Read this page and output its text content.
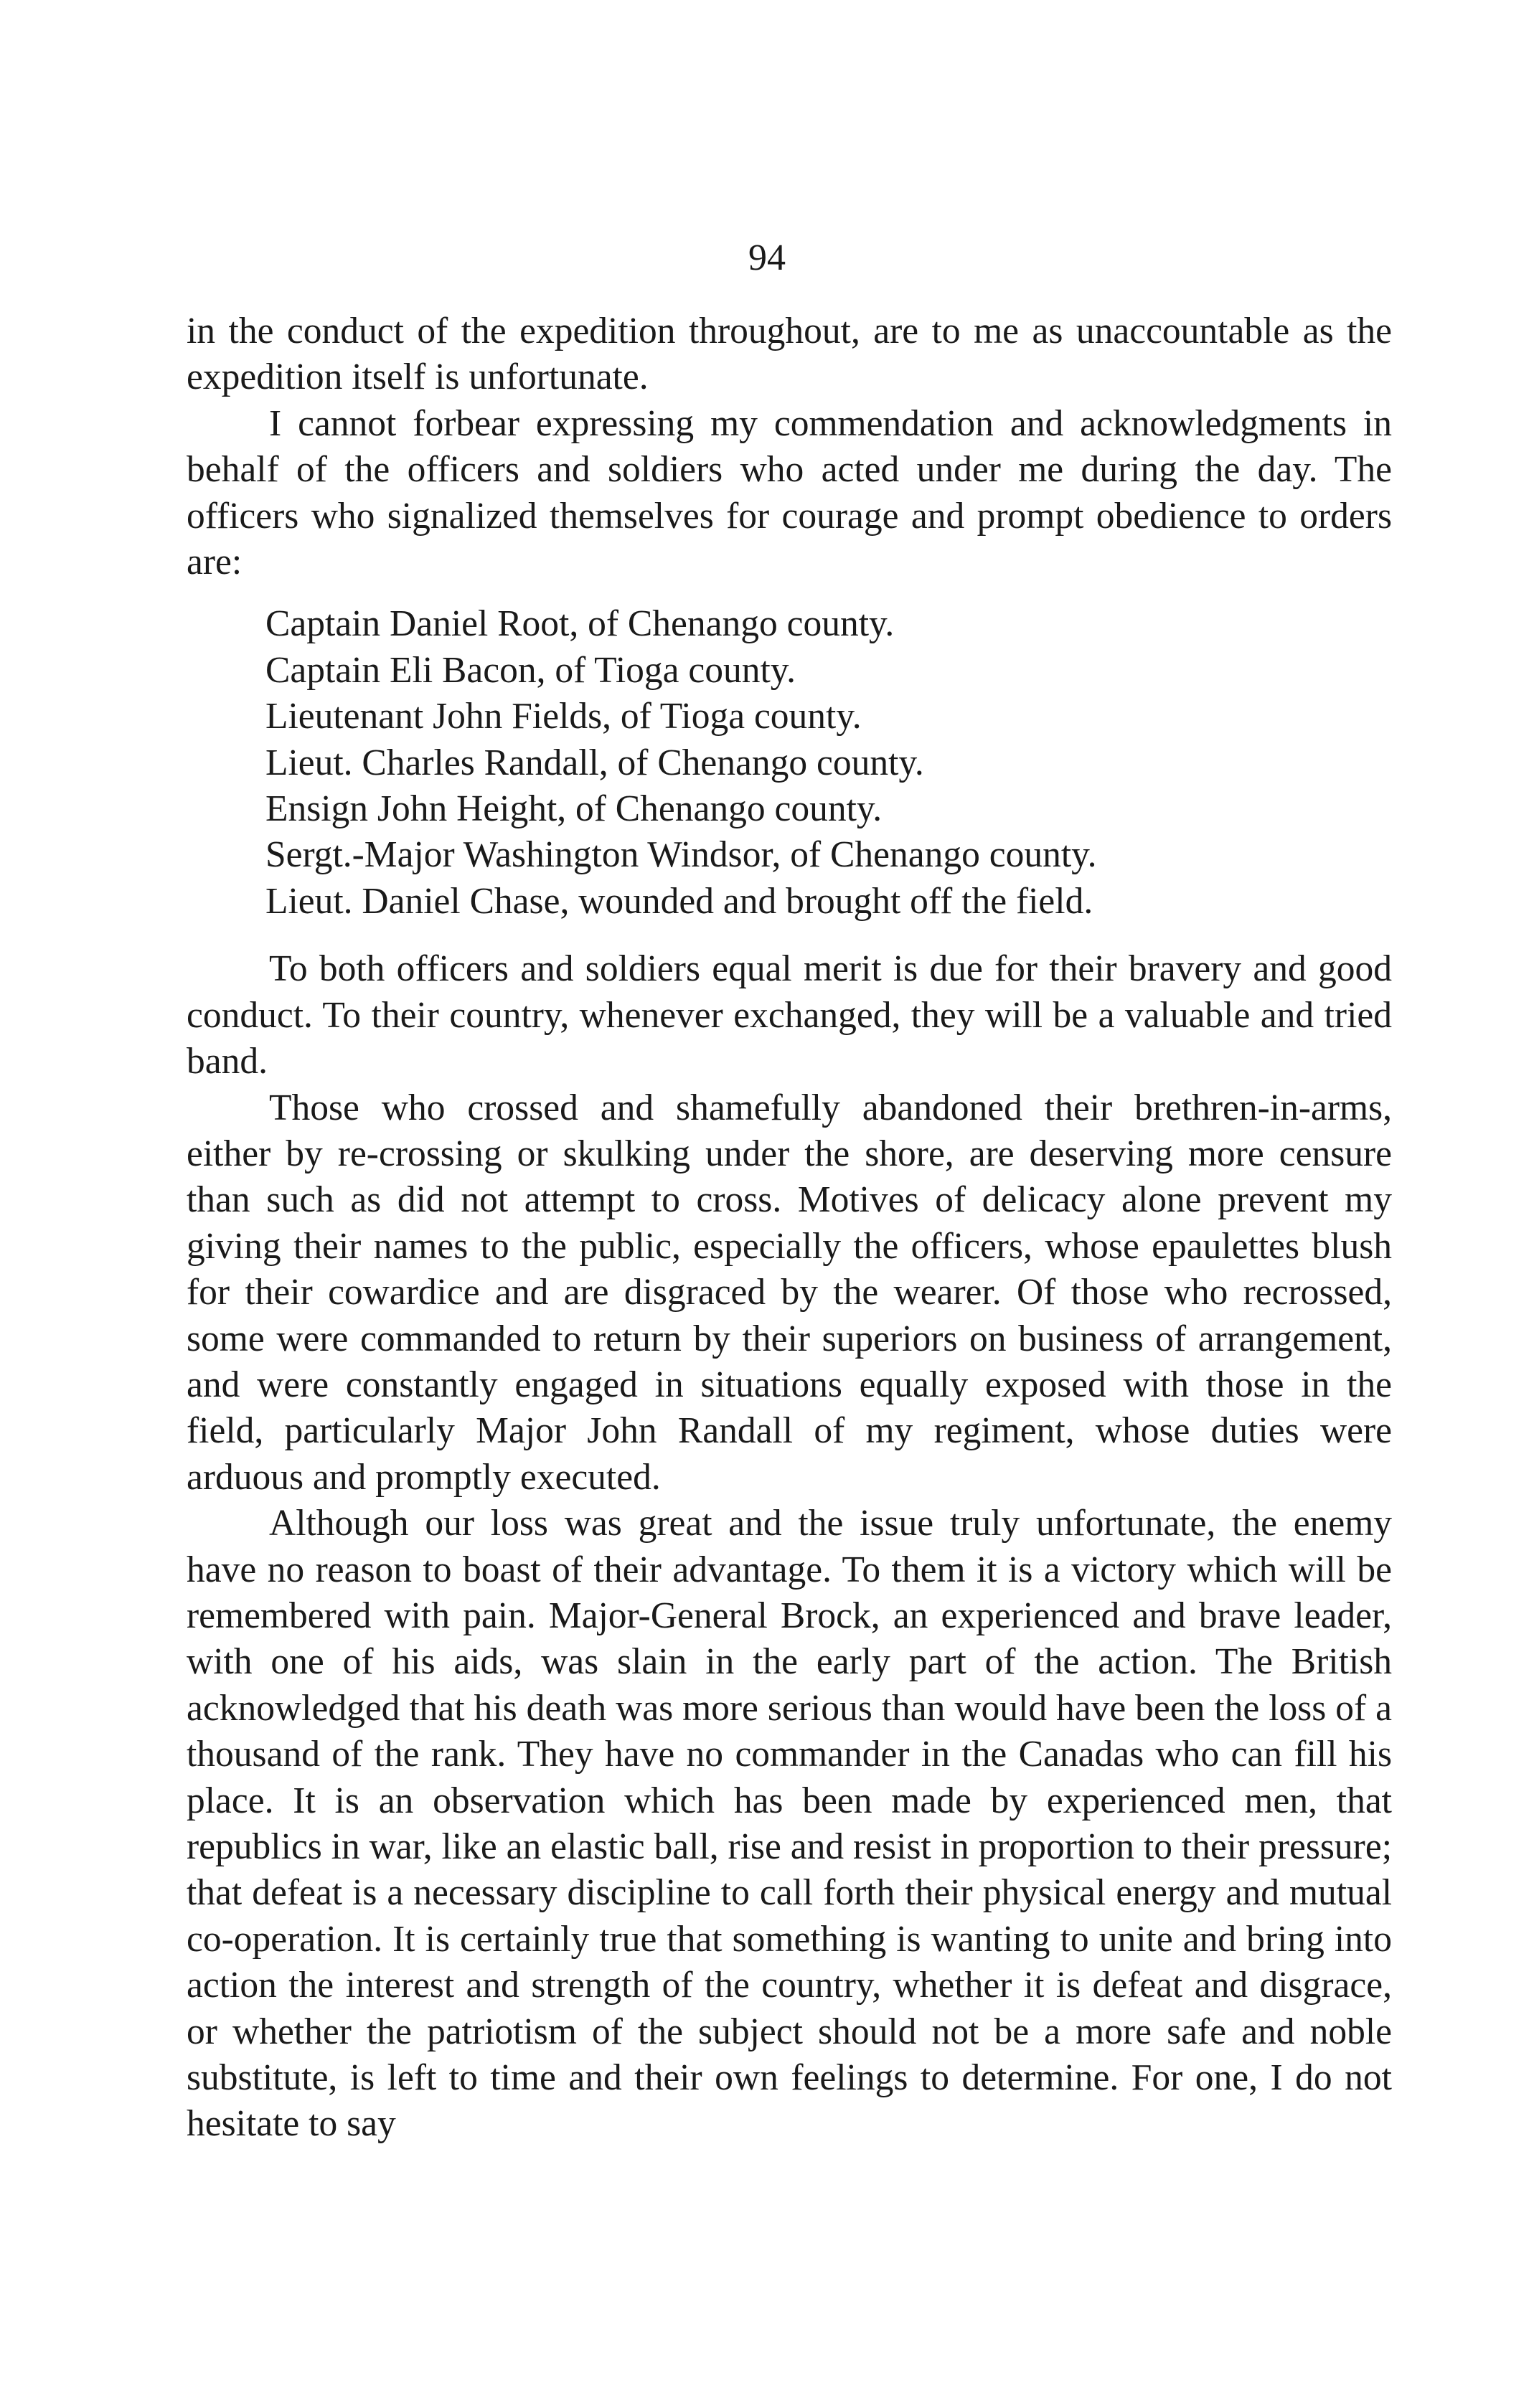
94

in the conduct of the expedition throughout, are to me as unaccountable as the expedition itself is unfortunate.

I cannot forbear expressing my commendation and acknowledgments in behalf of the officers and soldiers who acted under me during the day. The officers who signalized themselves for courage and prompt obedience to orders are:

Captain Daniel Root, of Chenango county.
Captain Eli Bacon, of Tioga county.
Lieutenant John Fields, of Tioga county.
Lieut. Charles Randall, of Chenango county.
Ensign John Height, of Chenango county.
Sergt.-Major Washington Windsor, of Chenango county.
Lieut. Daniel Chase, wounded and brought off the field.

To both officers and soldiers equal merit is due for their bravery and good conduct. To their country, whenever exchanged, they will be a valuable and tried band.

Those who crossed and shamefully abandoned their brethren-in-arms, either by re-crossing or skulking under the shore, are deserving more censure than such as did not attempt to cross. Motives of delicacy alone prevent my giving their names to the public, especially the officers, whose epaulettes blush for their cowardice and are disgraced by the wearer. Of those who recrossed, some were commanded to return by their superiors on business of arrangement, and were constantly engaged in situations equally exposed with those in the field, particularly Major John Randall of my regiment, whose duties were arduous and promptly executed.

Although our loss was great and the issue truly unfortunate, the enemy have no reason to boast of their advantage. To them it is a victory which will be remembered with pain. Major-General Brock, an experienced and brave leader, with one of his aids, was slain in the early part of the action. The British acknowledged that his death was more serious than would have been the loss of a thousand of the rank. They have no commander in the Canadas who can fill his place. It is an observation which has been made by experienced men, that republics in war, like an elastic ball, rise and resist in proportion to their pressure; that defeat is a necessary discipline to call forth their physical energy and mutual co-operation. It is certainly true that something is wanting to unite and bring into action the interest and strength of the country, whether it is defeat and disgrace, or whether the patriotism of the subject should not be a more safe and noble substitute, is left to time and their own feelings to determine. For one, I do not hesitate to say
